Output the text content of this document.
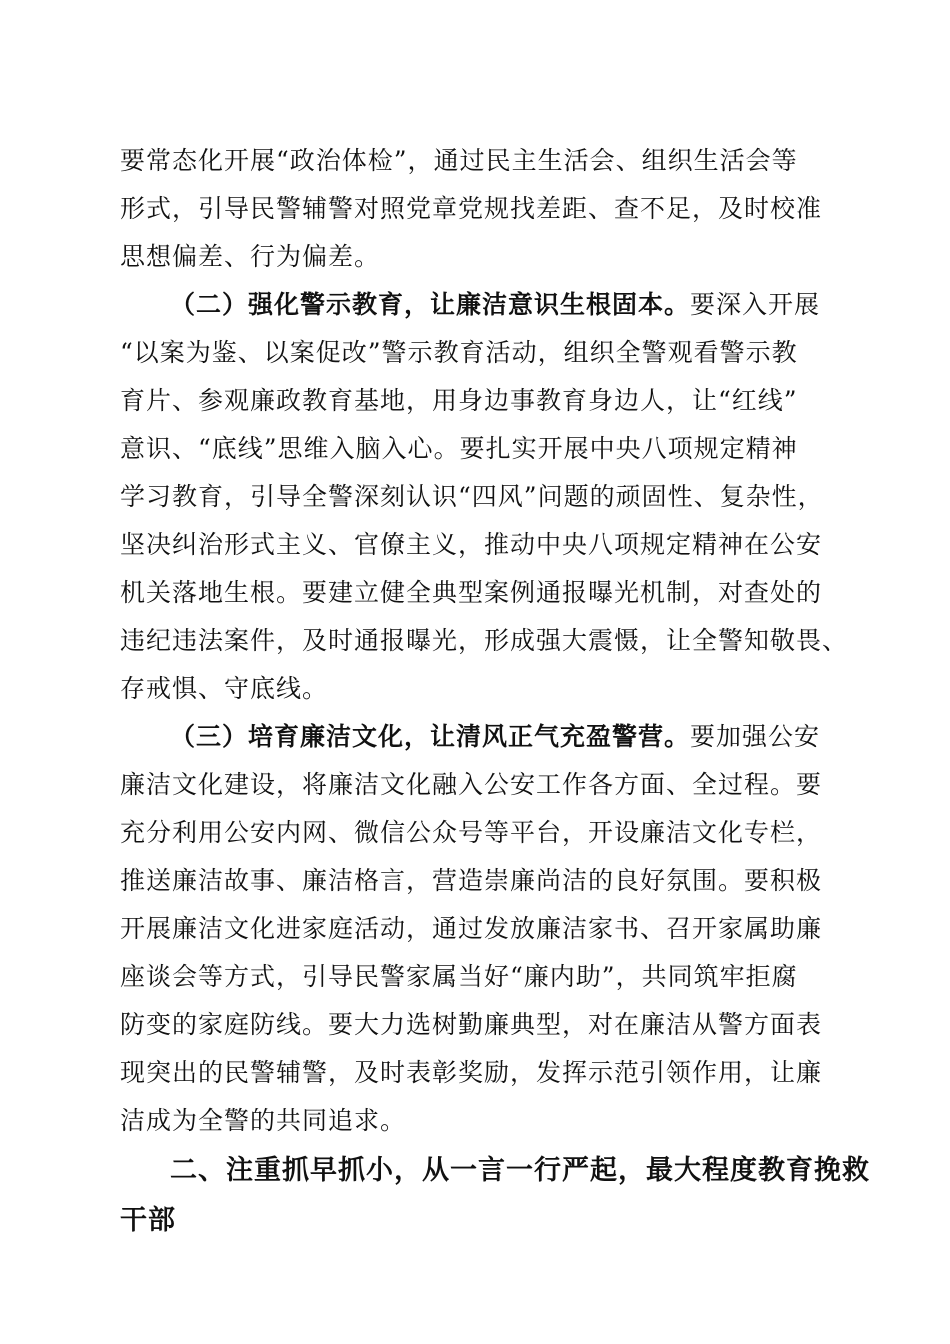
要常态化开展“政治体检”，通过民主生活会、组织生活会等
形式，引导民警辅警对照党章党规找差距、查不足，及时校准
思想偏差、行为偏差。
（二）强化警示教育，让廉洁意识生根固本。要深入开展
“以案为鉴、以案促改”警示教育活动，组织全警观看警示教
育片、参观廉政教育基地，用身边事教育身边人，让“红线”
意识、“底线”思维入脑入心。要扎实开展中央八项规定精神
学习教育，引导全警深刻认识“四风”问题的顽固性、复杂性，
坚决纠治形式主义、官僚主义，推动中央八项规定精神在公安
机关落地生根。要建立健全典型案例通报曝光机制，对查处的
违纪违法案件，及时通报曝光，形成强大震慑，让全警知敬畏、
存戒惧、守底线。
（三）培育廉洁文化，让清风正气充盈警营。要加强公安
廉洁文化建设，将廉洁文化融入公安工作各方面、全过程。要
充分利用公安内网、微信公众号等平台，开设廉洁文化专栏，
推送廉洁故事、廉洁格言，营造崇廉尚洁的良好氛围。要积极
开展廉洁文化进家庭活动，通过发放廉洁家书、召开家属助廉
座谈会等方式，引导民警家属当好“廉内助”，共同筑牢拒腐
防变的家庭防线。要大力选树勤廉典型，对在廉洁从警方面表
现突出的民警辅警，及时表彰奖励，发挥示范引领作用，让廉
洁成为全警的共同追求。
二、注重抓早抓小，从一言一行严起，最大程度教育挽救
干部
